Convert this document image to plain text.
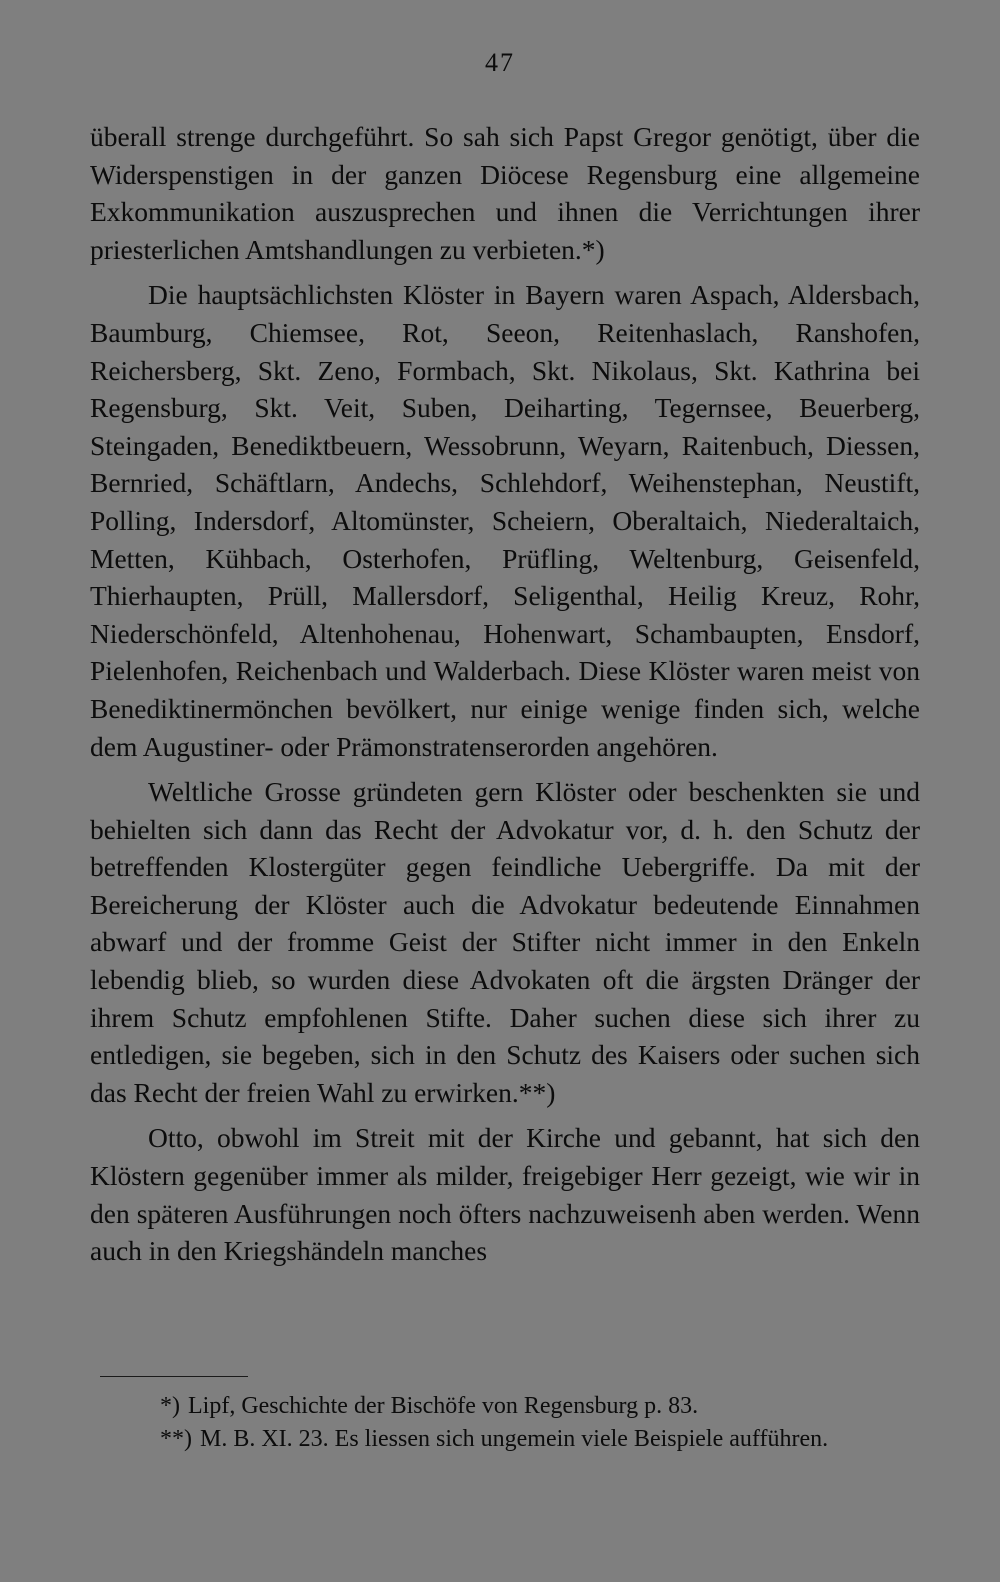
47

überall strenge durchgeführt. So sah sich Papst Gregor genötigt, über die Widerspenstigen in der ganzen Diöcese Regensburg eine allgemeine Exkommunikation auszusprechen und ihnen die Verrichtungen ihrer priesterlichen Amtshandlungen zu verbieten.*)

Die hauptsächlichsten Klöster in Bayern waren Aspach, Aldersbach, Baumburg, Chiemsee, Rot, Seeon, Reitenhaslach, Ranshofen, Reichersberg, Skt. Zeno, Formbach, Skt. Nikolaus, Skt. Kathrina bei Regensburg, Skt. Veit, Suben, Deiharting, Tegernsee, Beuerberg, Steingaden, Benediktbeuern, Wessobrunn, Weyarn, Raitenbuch, Diessen, Bernried, Schäftlarn, Andechs, Schlehdorf, Weihenstephan, Neustift, Polling, Indersdorf, Altomünster, Scheiern, Oberaltaich, Niederaltaich, Metten, Kühbach, Osterhofen, Prüfling, Weltenburg, Geisenfeld, Thierhaupten, Prüll, Mallersdorf, Seligenthal, Heilig Kreuz, Rohr, Niederschönfeld, Altenhohenau, Hohenwart, Schambaupten, Ensdorf, Pielenhofen, Reichenbach und Walderbach. Diese Klöster waren meist von Benediktinermönchen bevölkert, nur einige wenige finden sich, welche dem Augustiner- oder Prämonstratenserorden angehören.

Weltliche Grosse gründeten gern Klöster oder beschenkten sie und behielten sich dann das Recht der Advokatur vor, d. h. den Schutz der betreffenden Klostergüter gegen feindliche Uebergriffe. Da mit der Bereicherung der Klöster auch die Advokatur bedeutende Einnahmen abwarf und der fromme Geist der Stifter nicht immer in den Enkeln lebendig blieb, so wurden diese Advokaten oft die ärgsten Dränger der ihrem Schutz empfohlenen Stifte. Daher suchen diese sich ihrer zu entledigen, sie begeben, sich in den Schutz des Kaisers oder suchen sich das Recht der freien Wahl zu erwirken.**)

Otto, obwohl im Streit mit der Kirche und gebannt, hat sich den Klöstern gegenüber immer als milder, freigebiger Herr gezeigt, wie wir in den späteren Ausführungen noch öfters nachzuweisenh aben werden. Wenn auch in den Kriegshändeln manches

*) Lipf, Geschichte der Bischöfe von Regensburg p. 83.

**) M. B. XI. 23. Es liessen sich ungemein viele Beispiele aufführen.
